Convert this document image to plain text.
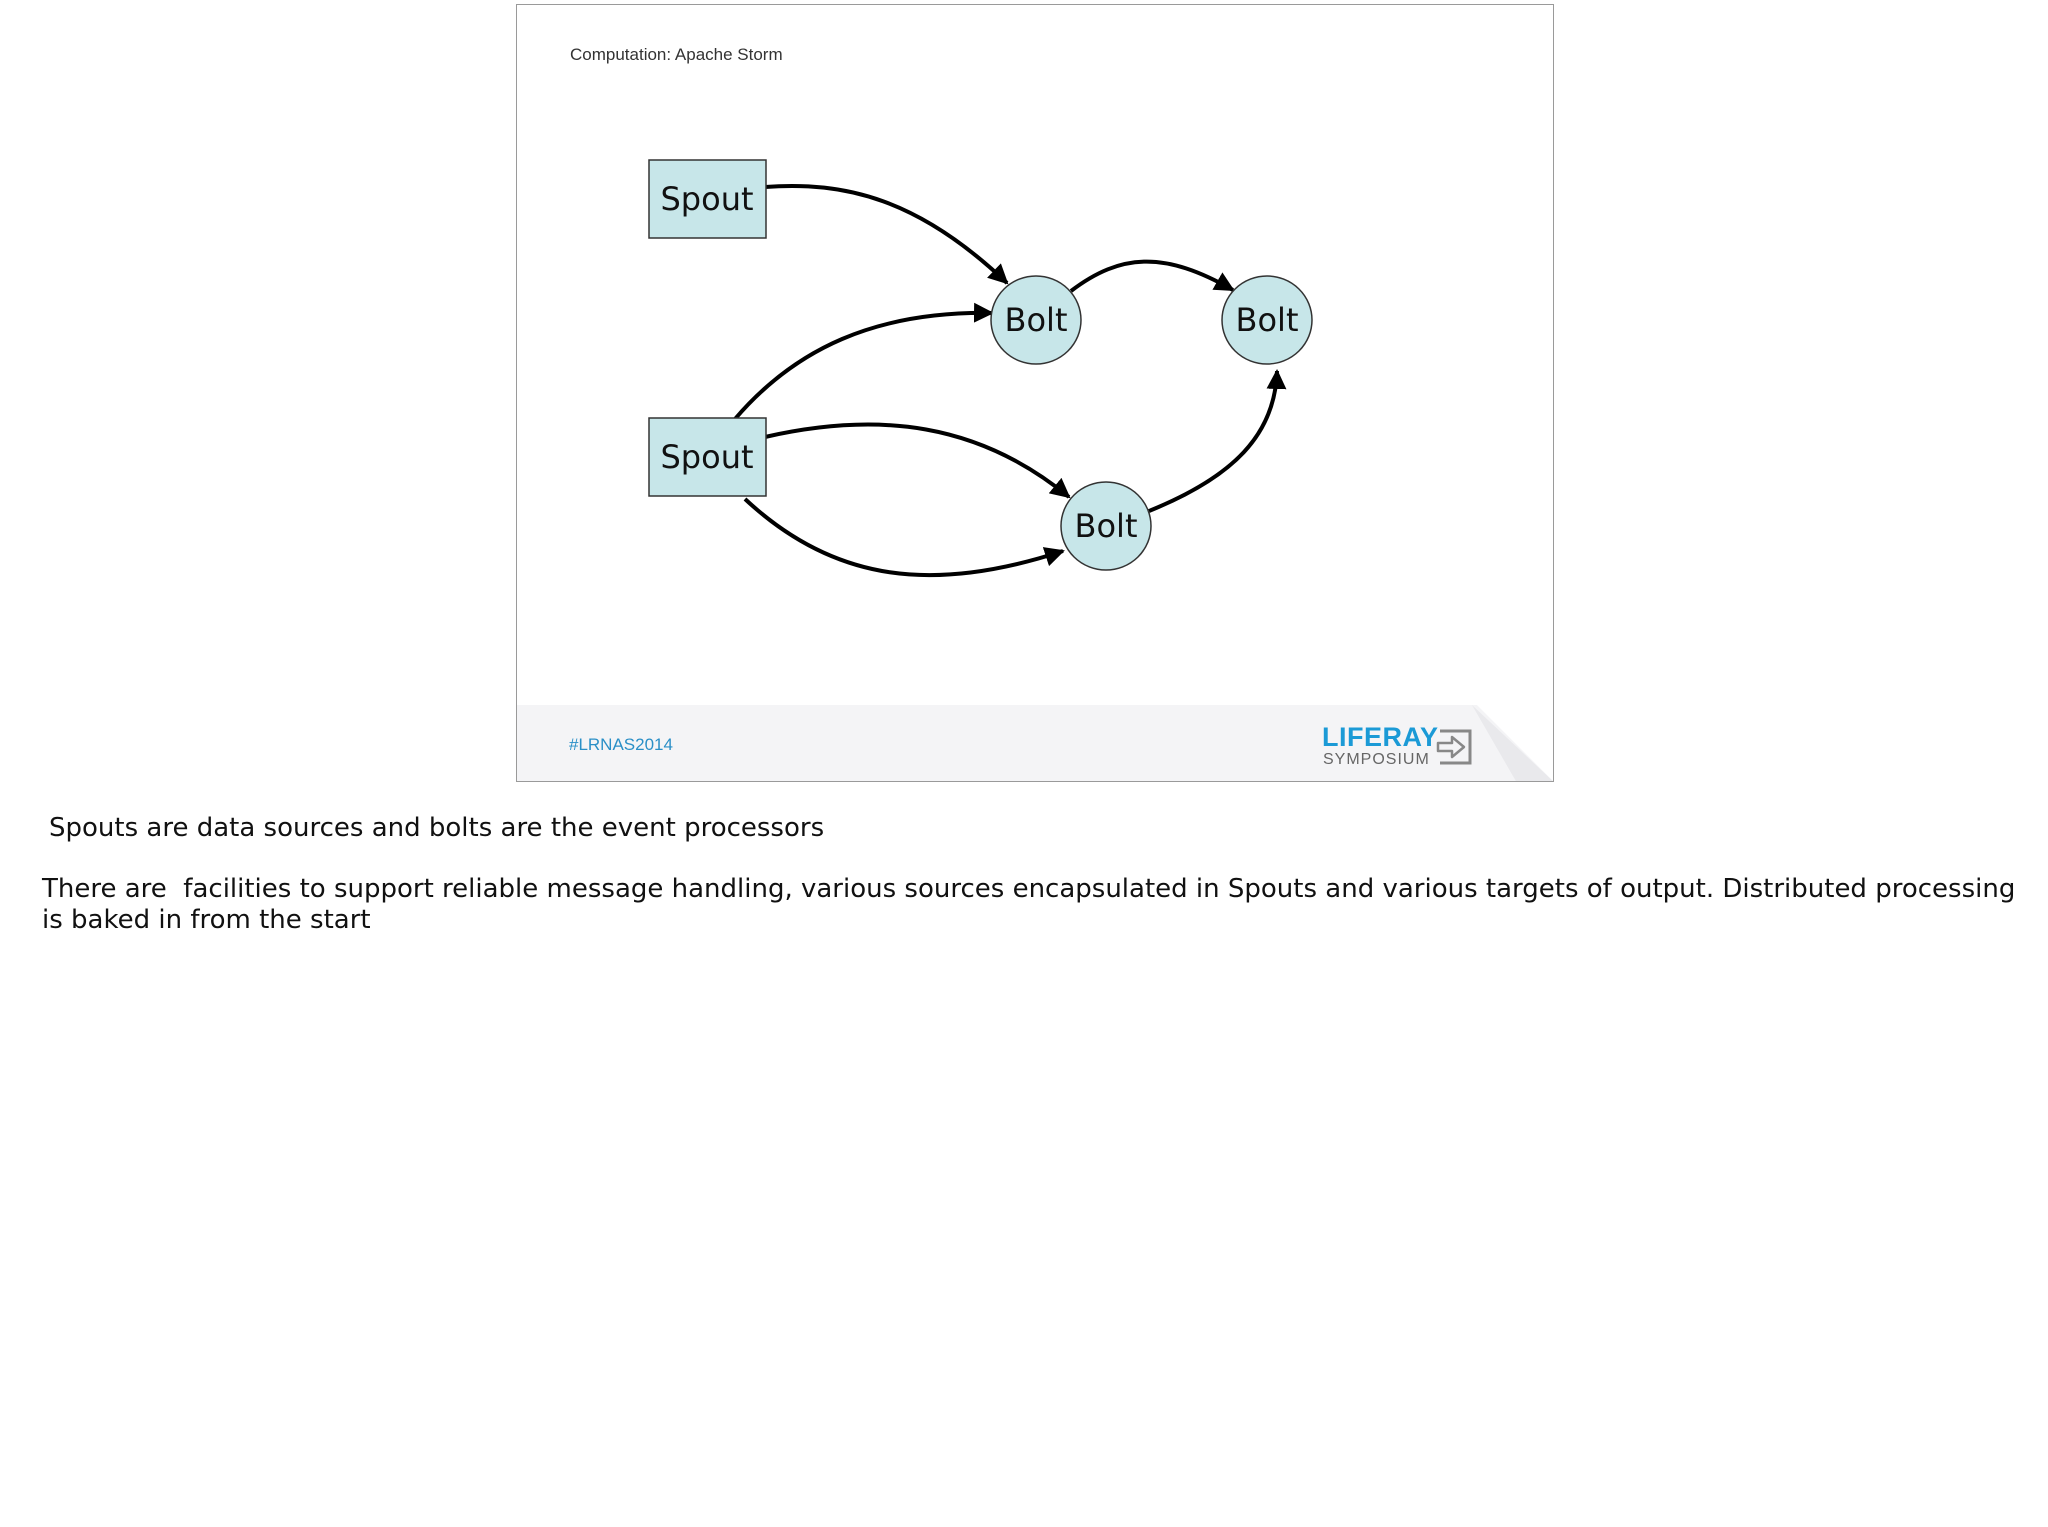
Computation: Apache Storm
Spout
Spout
Bolt	Bolt
Bolt
#LRNAS2014	LIFERAY
SYMPOSIUM

Spouts are data sources and bolts are the event processors

There are  facilities to support reliable message handling, various sources encapsulated in Spouts and various targets of output. Distributed processing is baked in from the start
